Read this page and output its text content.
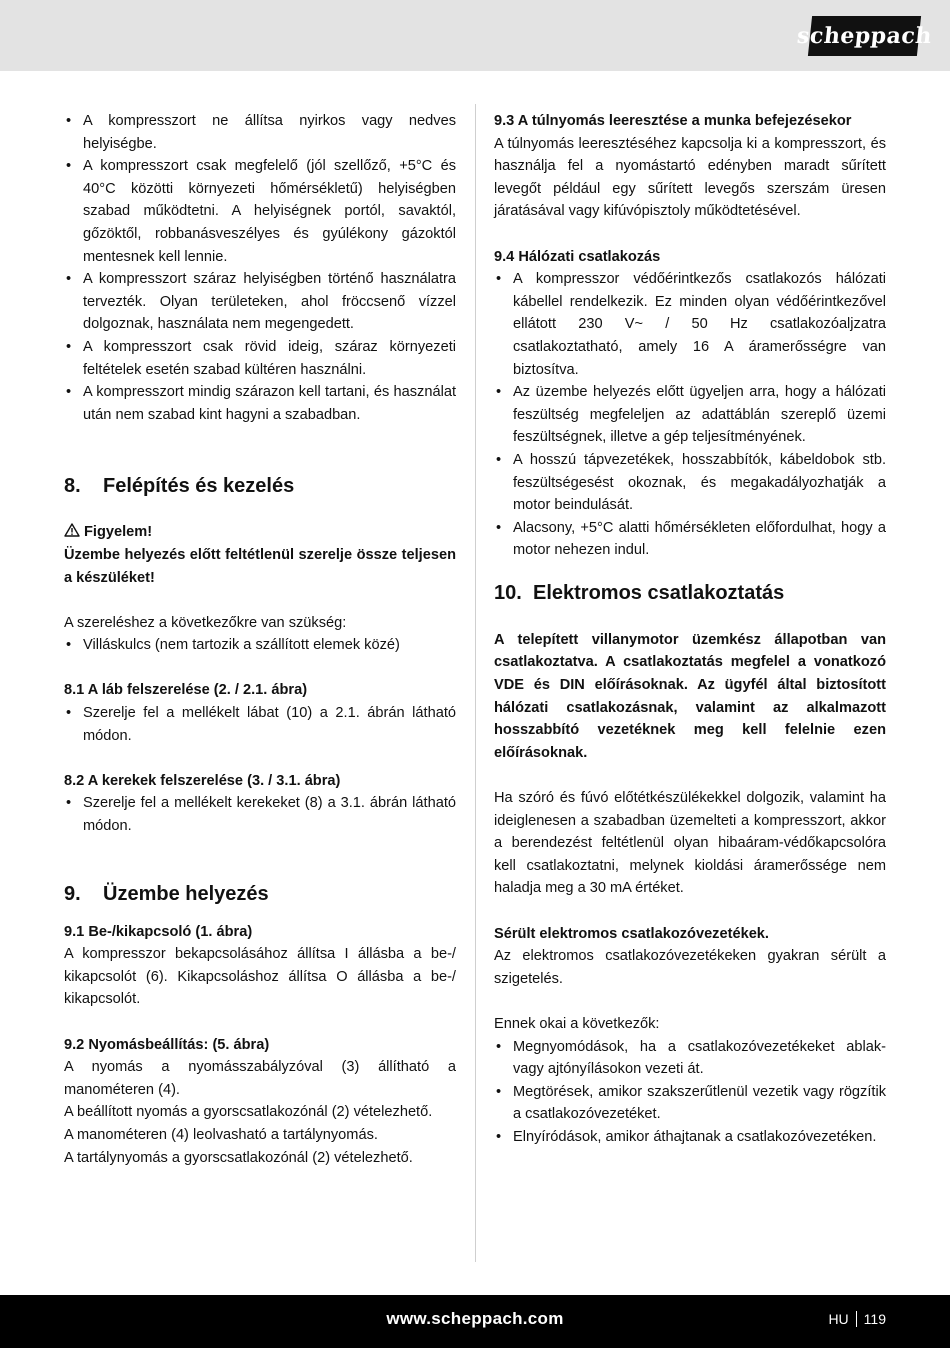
scheppach
• A kompresszort ne állítsa nyirkos vagy nedves helyiségbe.
• A kompresszort csak megfelelő (jól szellőző, +5°C és 40°C közötti környezeti hőmérsékletű) helyiségben szabad működtetni. A helyiségnek portól, savaktól, gőzöktől, robbanásveszélyes és gyúlékony gázoktól mentesnek kell lennie.
• A kompresszort száraz helyiségben történő használatra tervezték. Olyan területeken, ahol fröccsenő vízzel dolgoznak, használata nem megengedett.
• A kompresszort csak rövid ideig, száraz környezeti feltételek esetén szabad kültéren használni.
• A kompresszort mindig szárazon kell tartani, és használat után nem szabad kint hagyni a szabadban.
8.	Felépítés és kezelés

Figyelem!

Üzembe helyezés előtt feltétlenül szerelje össze teljesen a készüléket!

A szereléshez a következőkre van szükség:

• Villáskulcs (nem tartozik a szállított elemek közé)

8.1 A láb felszerelése (2. / 2.1. ábra)

• Szerelje fel a mellékelt lábat (10) a 2.1. ábrán látható módon.

8.2 A kerekek felszerelése (3. / 3.1. ábra)

• Szerelje fel a mellékelt kerekeket (8) a 3.1. ábrán látható módon.
9.	Üzembe helyezés

9.1 Be-/kikapcsoló (1. ábra)

A kompresszor bekapcsolásához állítsa I állásba a be-/ kikapcsolót (6). Kikapcsoláshoz állítsa O állásba a be-/ kikapcsolót.

9.2 Nyomásbeállítás: (5. ábra)

A nyomás a nyomásszabályzóval (3) állítható a manométeren (4).

A beállított nyomás a gyorscsatlakozónál (2) vételezhető.

A manométeren (4) leolvasható a tartálynyomás.

A tartálynyomás a gyorscsatlakozónál (2) vételezhető.

9.3 A túlnyomás leeresztése a munka befejezésekor

A túlnyomás leeresztéséhez kapcsolja ki a kompresszort, és használja fel a nyomástartó edényben maradt sűrített levegőt például egy sűrített levegős szerszám üresen járatásával vagy kifúvópisztoly működtetésével.

9.4 Hálózati csatlakozás

• A kompresszor védőérintkezős csatlakozós hálózati kábellel rendelkezik. Ez minden olyan védőérintkezővel ellátott 230 V~ / 50 Hz csatlakozóaljzatra csatlakoztatható, amely 16 A áramerősségre van biztosítva.
• Az üzembe helyezés előtt ügyeljen arra, hogy a hálózati feszültség megfeleljen az adattáblán szereplő üzemi feszültségnek, illetve a gép teljesítményének.
• A hosszú tápvezetékek, hosszabbítók, kábeldobok stb. feszültségesést okoznak, és megakadályozhatják a motor beindulását.
• Alacsony, +5°C alatti hőmérsékleten előfordulhat, hogy a motor nehezen indul.
10. Elektromos csatlakoztatás

A telepített villanymotor üzemkész állapotban van csatlakoztatva. A csatlakoztatás megfelel a vonatkozó VDE és DIN előírásoknak. Az ügyfél által biztosított hálózati csatlakozásnak, valamint az alkalmazott hosszabbító vezetéknek meg kell felelnie ezen előírásoknak.

Ha szóró és fúvó előtétkészülékekkel dolgozik, valamint ha ideiglenesen a szabadban üzemelteti a kompresszort, akkor a berendezést feltétlenül olyan hibaáram-védőkapcsolóra kell csatlakoztatni, melynek kioldási áramerőssége nem haladja meg a 30 mA értéket.

Sérült elektromos csatlakozóvezetékek.

Az elektromos csatlakozóvezetékeken gyakran sérült a szigetelés.

Ennek okai a következők:

• Megnyomódások, ha a csatlakozóvezetékeket ablak- vagy ajtónyílásokon vezeti át.
• Megtörések, amikor szakszerűtlenül vezetik vagy rögzítik a csatlakozóvezetéket.
• Elnyíródások, amikor áthajtanak a csatlakozóvezetéken.
www.scheppach.com	HU 119
